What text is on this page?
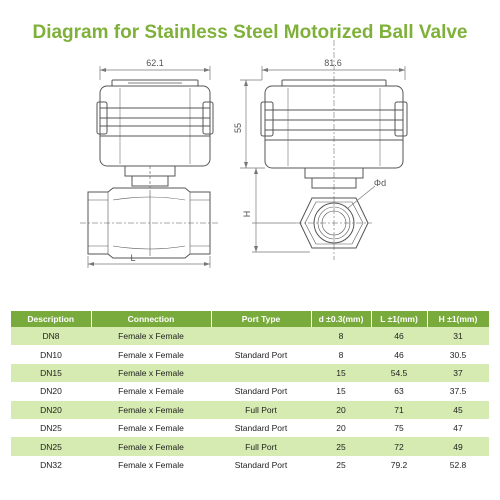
Diagram for Stainless Steel Motorized Ball Valve
62.1	81.6
55
H
L
Φd
Description	Connection	Port Type	d ±0.3(mm)	L ±1(mm)	H ±1(mm)
DN8	Female x Female		8	46	31
DN10	Female x Female	Standard Port	8	46	30.5
DN15	Female x Female		15	54.5	37
DN20	Female x Female	Standard Port	15	63	37.5
DN20	Female x Female	Full Port	20	71	45
DN25	Female x Female	Standard Port	20	75	47
DN25	Female x Female	Full Port	25	72	49
DN32	Female x Female	Standard Port	25	79.2	52.8
